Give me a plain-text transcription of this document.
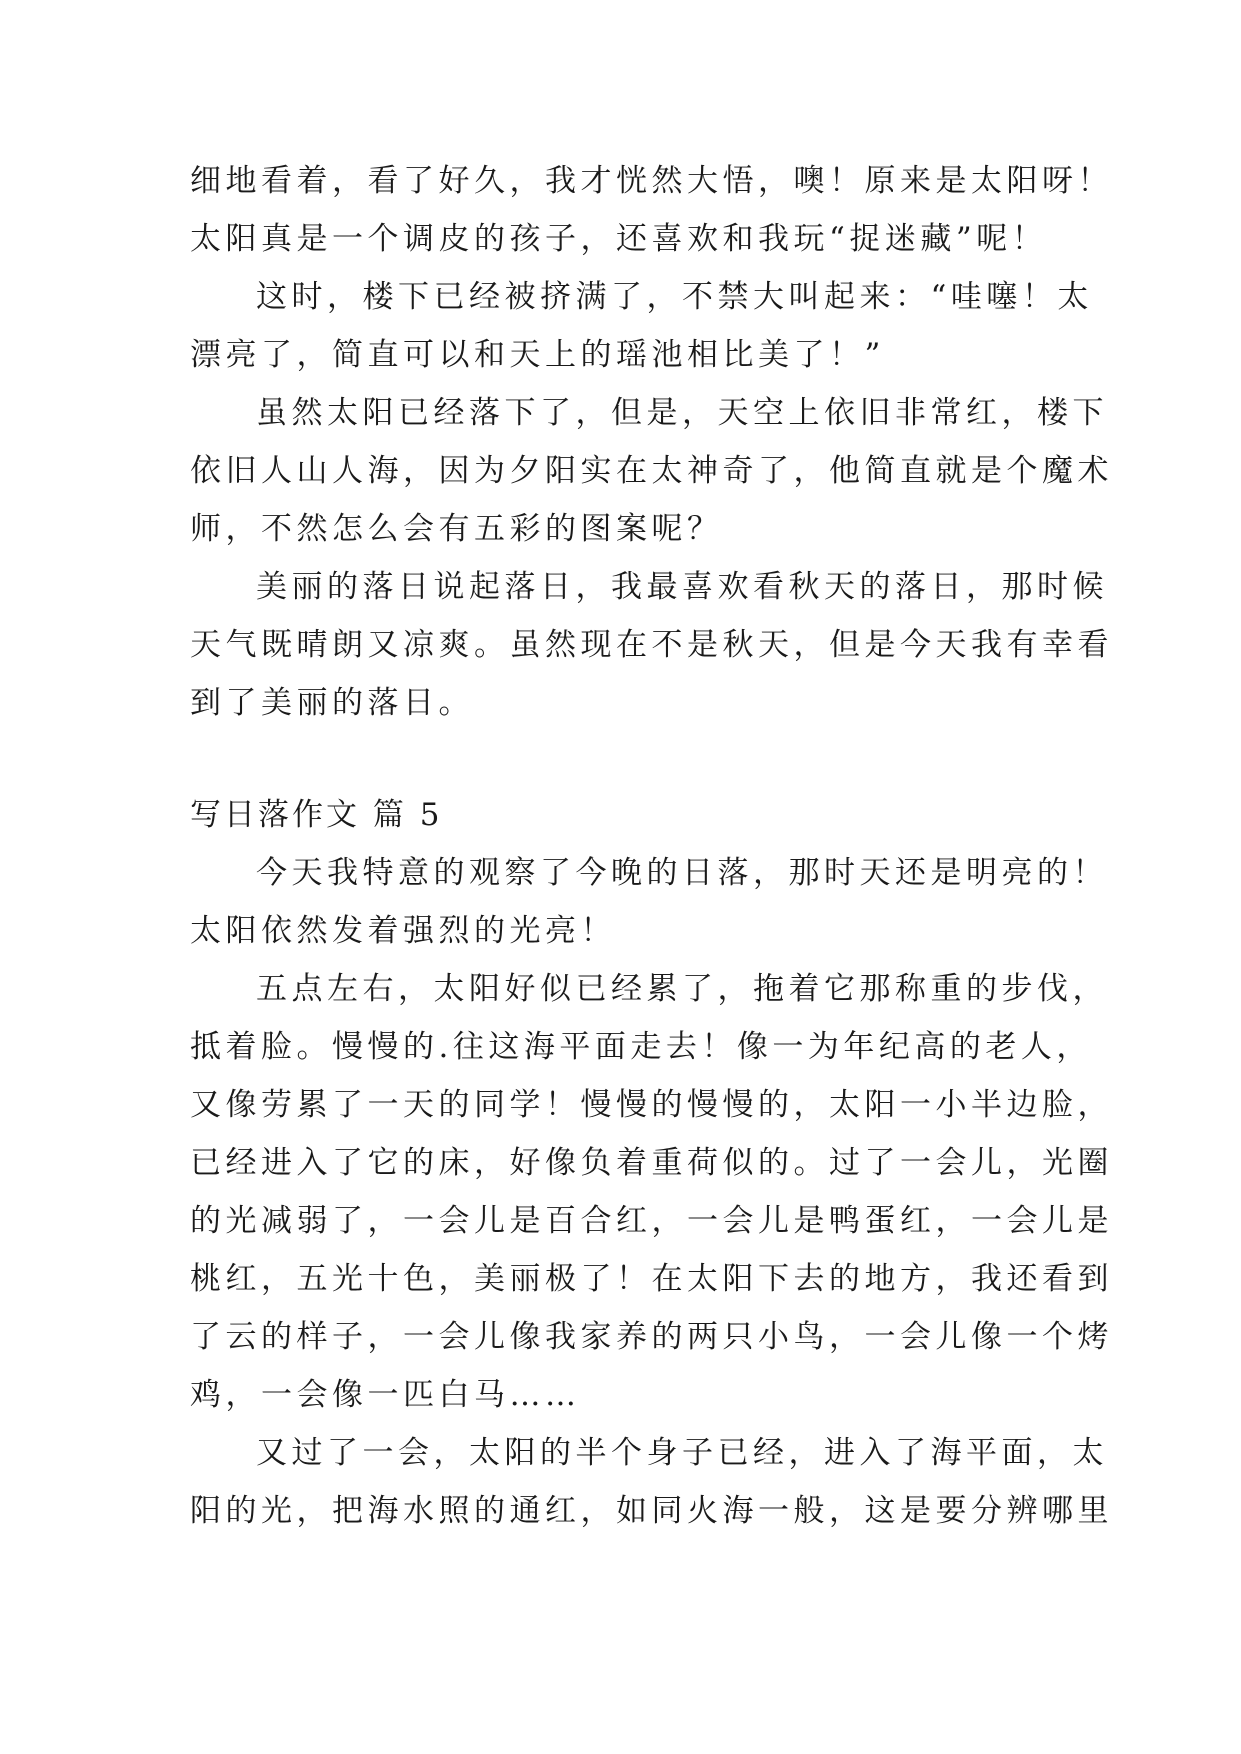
细地看着，看了好久，我才恍然大悟，噢！原来是太阳呀！
太阳真是一个调皮的孩子，还喜欢和我玩“捉迷藏”呢！
这时，楼下已经被挤满了，不禁大叫起来：“哇噻！太
漂亮了，简直可以和天上的瑶池相比美了！”
虽然太阳已经落下了，但是，天空上依旧非常红，楼下
依旧人山人海，因为夕阳实在太神奇了，他简直就是个魔术
师，不然怎么会有五彩的图案呢？
美丽的落日说起落日，我最喜欢看秋天的落日，那时候
天气既晴朗又凉爽。虽然现在不是秋天，但是今天我有幸看
到了美丽的落日。
写日落作文 篇 5
今天我特意的观察了今晚的日落，那时天还是明亮的！
太阳依然发着强烈的光亮！
五点左右，太阳好似已经累了，拖着它那称重的步伐，
抵着脸。慢慢的.往这海平面走去！像一为年纪高的老人，
又像劳累了一天的同学！慢慢的慢慢的，太阳一小半边脸，
已经进入了它的床，好像负着重荷似的。过了一会儿，光圈
的光减弱了，一会儿是百合红，一会儿是鸭蛋红，一会儿是
桃红，五光十色，美丽极了！在太阳下去的地方，我还看到
了云的样子，一会儿像我家养的两只小鸟，一会儿像一个烤
鸡，一会像一匹白马……
又过了一会，太阳的半个身子已经，进入了海平面，太
阳的光，把海水照的通红，如同火海一般，这是要分辨哪里
